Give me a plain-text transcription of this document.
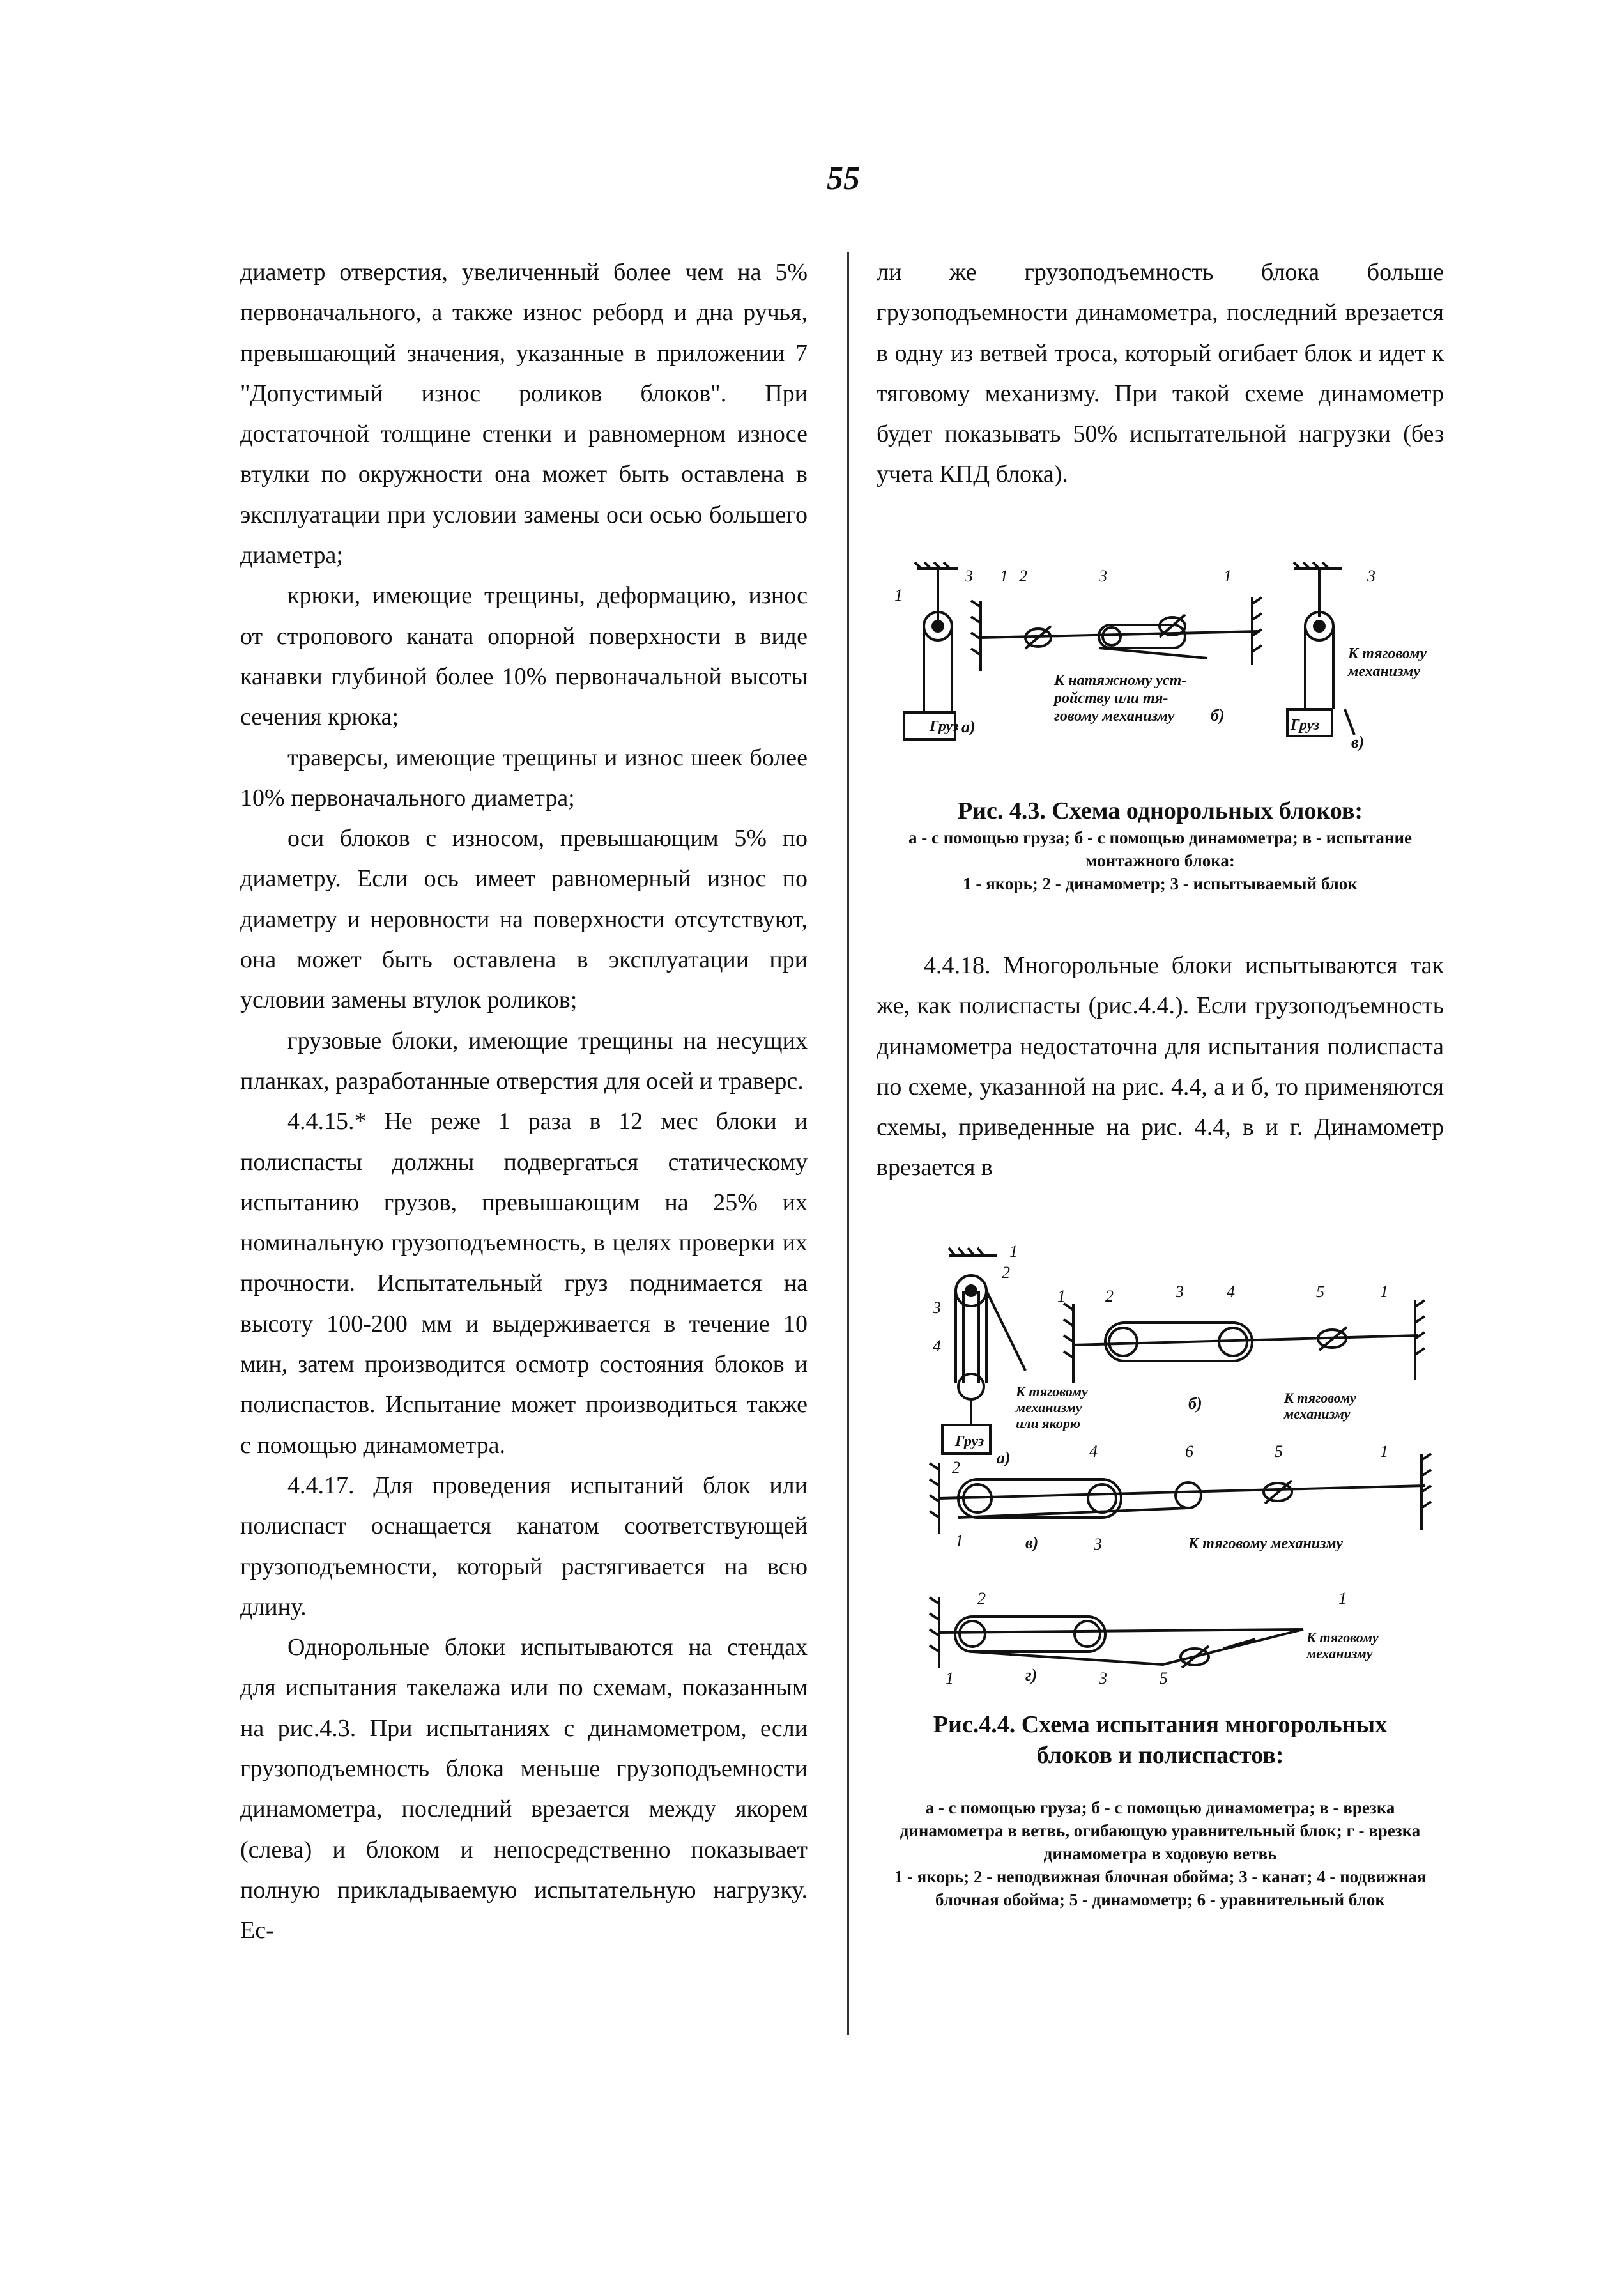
55

диаметр отверстия, увеличенный более чем на 5% первоначального, а также износ реборд и дна ручья, превышающий значения, указанные в приложении 7 "Допустимый износ роликов блоков". При достаточной толщине стенки и равномерном износе втулки по окружности она может быть оставлена в эксплуатации при условии замены оси осью большего диаметра;

крюки, имеющие трещины, деформацию, износ от стропового каната опорной поверхности в виде канавки глубиной более 10% первоначальной высоты сечения крюка;

траверсы, имеющие трещины и износ шеек более 10% первоначального диаметра;

оси блоков с износом, превышающим 5% по диаметру. Если ось имеет равномерный износ по диаметру и неровности на поверхности отсутствуют, она может быть оставлена в эксплуатации при условии замены втулок роликов;

грузовые блоки, имеющие трещины на несущих планках, разработанные отверстия для осей и траверс.

4.4.15.* Не реже 1 раза в 12 мес блоки и полиспасты должны подвергаться статическому испытанию грузов, превышающим на 25% их номинальную грузоподъемность, в целях проверки их прочности. Испытательный груз поднимается на высоту 100-200 мм и выдерживается в течение 10 мин, затем производится осмотр состояния блоков и полиспастов. Испытание может производиться также с помощью динамометра.

4.4.17. Для проведения испытаний блок или полиспаст оснащается канатом соответствующей грузоподъемности, который растягивается на всю длину.

Однорольные блоки испытываются на стендах для испытания такелажа или по схемам, показанным на рис.4.3. При испытаниях с динамометром, если грузоподъемность блока меньше грузоподъемности динамометра, последний врезается между якорем (слева) и блоком и непосредственно показывает полную прикладываемую испытательную нагрузку. Ес-

ли же грузоподъемность блока больше грузоподъемности динамометра, последний врезается в одну из ветвей троса, который огибает блок и идет к тяговому механизму. При такой схеме динамометр будет показывать 50% испытательной нагрузки (без учета КПД блока).

Груз а)
К натяжному уст-
ройству или тя-
говому механизму б)
Груз
в)
К тяговому
механизму
1
3 1 2	3	1	3
Рис. 4.3. Схема однорольных блоков:
а - с помощью груза; б - с помощью динамометра; в - испытание монтажного блока:
1 - якорь; 2 - динамометр; 3 - испытываемый блок

4.4.18. Многорольные блоки испытываются так же, как полиспасты (рис.4.4.). Если грузоподъемность динамометра недостаточна для испытания полиспаста по схеме, указанной на рис. 4.4, а и б, то применяются схемы, приведенные на рис. 4.4, в и г. Динамометр врезается в

Груз
а)
К тяговому
механизму
или якорю
б)	К тяговому
механизму
в)	К тяговому механизму
г)
К тяговому
механизму
1
2
3
4
1 2	3	4	5	1
2
4	6	5	1
1	3
2	1
1	3	5
Рис.4.4. Схема испытания многорольных
блоков и полиспастов:
а - с помощью груза; б - с помощью динамометра; в - врезка динамометра в ветвь, огибающую уравнительный блок; г - врезка динамометра в ходовую ветвь
1 - якорь; 2 - неподвижная блочная обойма; 3 - канат; 4 - подвижная блочная обойма; 5 - динамометр; 6 - уравнительный блок
